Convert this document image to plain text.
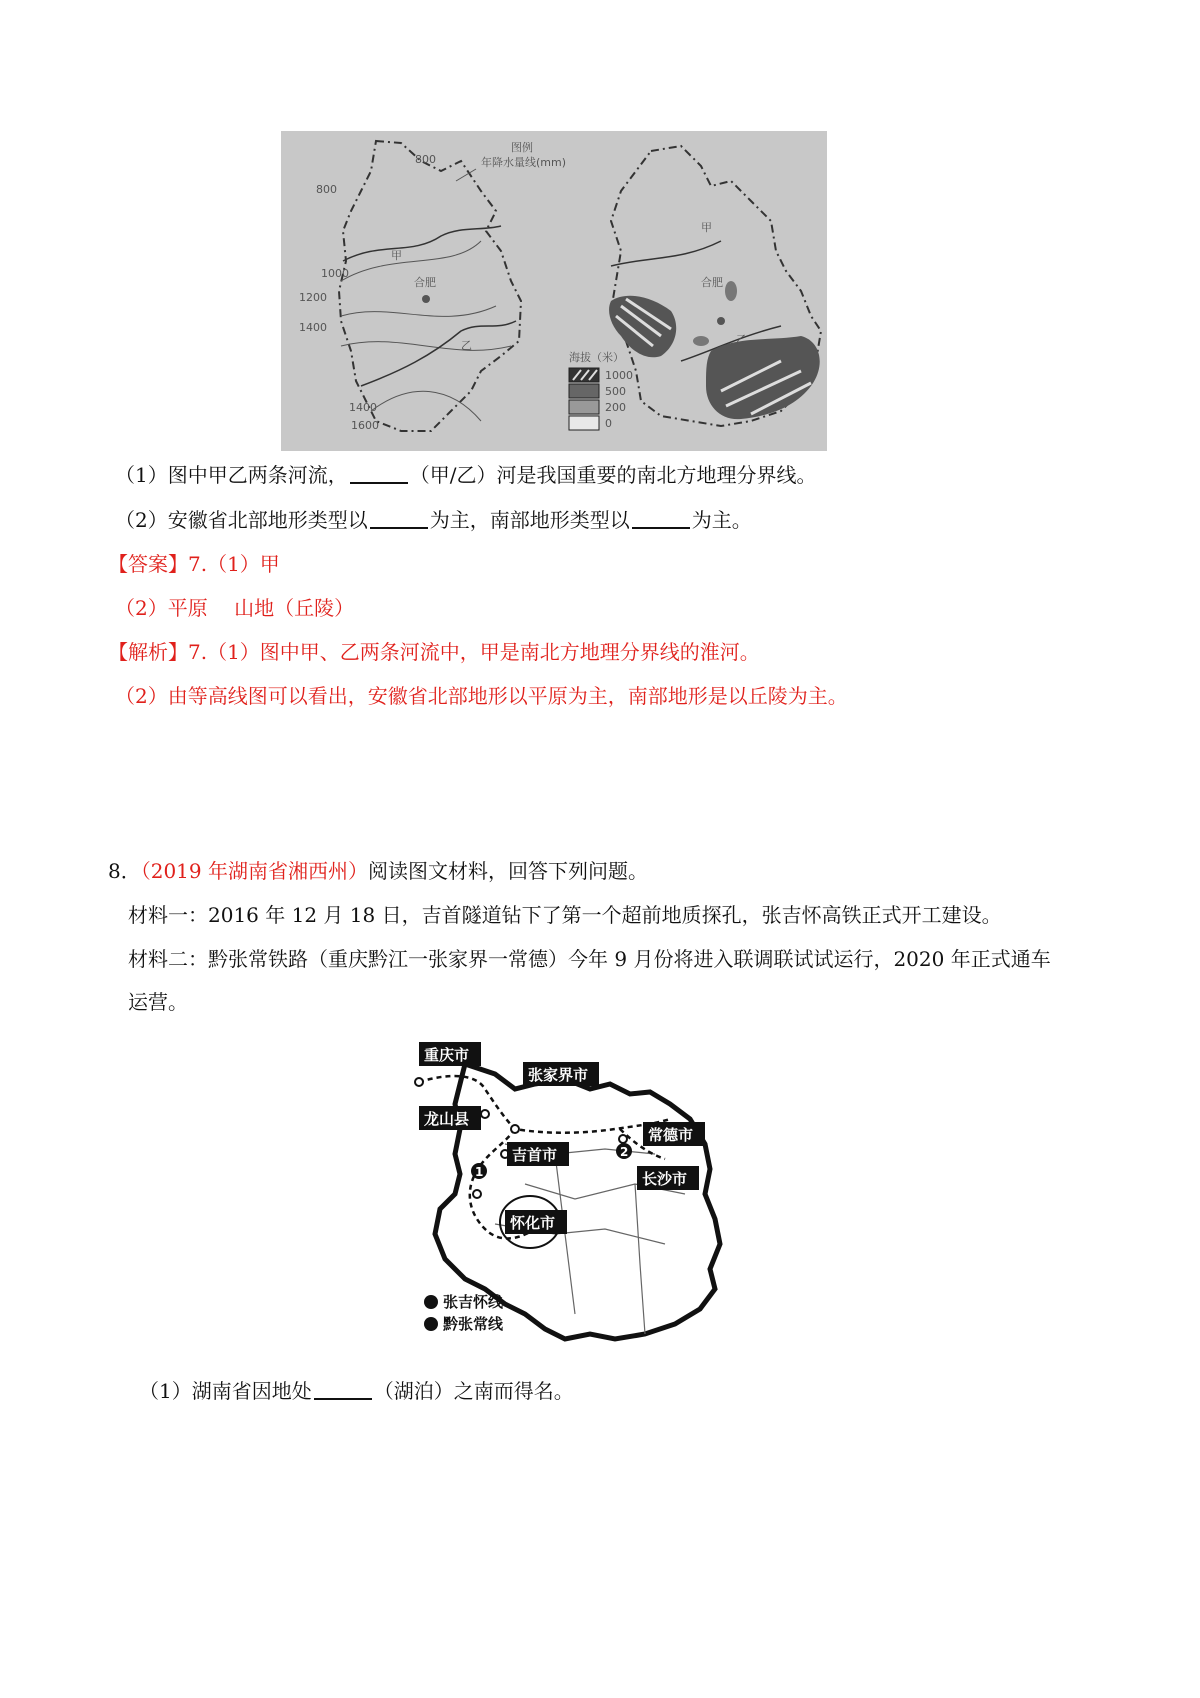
合肥
甲
乙
800
800
1000
1200
1400
1400
1600
图例
年降水量线(mm)
合肥
甲
乙
海拔（米）
1000
500
200
0
（1）图中甲乙两条河流，	（甲/乙）河是我国重要的南北方地理分界线。
（2）安徽省北部地形类型以	为主，南部地形类型以	为主。
【答案】7.（1）甲
（2）平原　 山地（丘陵）
【解析】7.（1）图中甲、乙两条河流中，甲是南北方地理分界线的淮河。
（2）由等高线图可以看出，安徽省北部地形以平原为主，南部地形是以丘陵为主。
8．（2019 年湖南省湘西州）阅读图文材料，回答下列问题。
材料一：2016 年 12 月 18 日，吉首隧道钻下了第一个超前地质探孔，张吉怀高铁正式开工建设。
材料二：黔张常铁路（重庆黔江一张家界一常德）今年 9 月份将进入联调联试试运行，2020 年正式通车
运营。
1
2
重庆市
张家界市
龙山县
常德市
吉首市
长沙市
怀化市
张吉怀线
黔张常线
（1）湖南省因地处	（湖泊）之南而得名。
